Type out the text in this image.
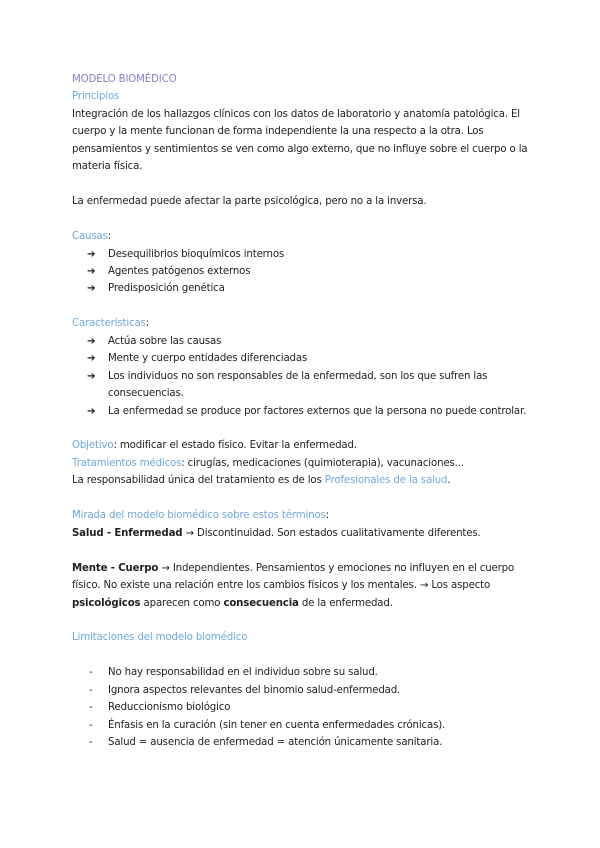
MODELO BIOMÉDICO
Principios
Integración de los hallazgos clínicos con los datos de laboratorio y anatomía patológica. El
cuerpo y la mente funcionan de forma independiente la una respecto a la otra. Los
pensamientos y sentimientos se ven como algo externo, que no influye sobre el cuerpo o la
materia física.
La enfermedad puede afectar la parte psicológica, pero no a la inversa.
Causas:
➔ Desequilibrios bioquímicos internos
➔ Agentes patógenos externos
➔ Predisposición genética
Características:
➔ Actúa sobre las causas
➔ Mente y cuerpo entidades diferenciadas
➔ Los individuos no son responsables de la enfermedad, son los que sufren las
consecuencias.
➔ La enfermedad se produce por factores externos que la persona no puede controlar.
Objetivo: modificar el estado físico. Evitar la enfermedad.
Tratamientos médicos: cirugías, medicaciones (quimioterapia), vacunaciones...
La responsabilidad única del tratamiento es de los Profesionales de la salud.
Mirada del modelo biomédico sobre estos términos:
Salud - Enfermedad → Discontinuidad. Son estados cualitativamente diferentes.
Mente - Cuerpo → Independientes. Pensamientos y emociones no influyen en el cuerpo
físico. No existe una relación entre los cambios físicos y los mentales. → Los aspecto
psicológicos aparecen como consecuencia de la enfermedad.
Limitaciones del modelo biomédico
- No hay responsabilidad en el individuo sobre su salud.
- Ignora aspectos relevantes del binomio salud-enfermedad.
- Reduccionismo biológico
- Énfasis en la curación (sin tener en cuenta enfermedades crónicas).
- Salud = ausencia de enfermedad = atención únicamente sanitaria.
